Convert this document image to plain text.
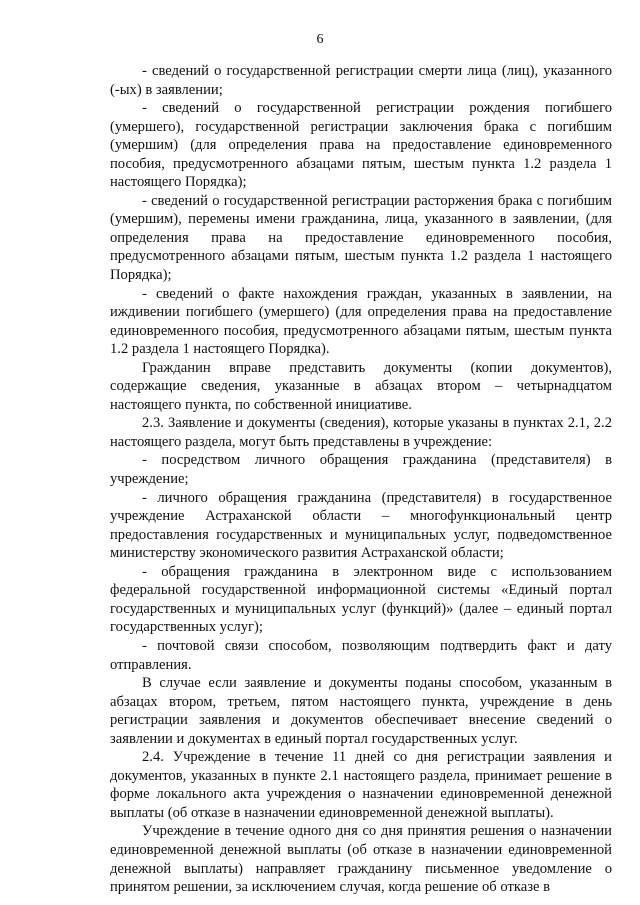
6

- сведений о государственной регистрации смерти лица (лиц), указанного (-ых) в заявлении;

- сведений о государственной регистрации рождения погибшего (умершего), государственной регистрации заключения брака с погибшим (умершим) (для определения права на предоставление единовременного пособия, предусмотренного абзацами пятым, шестым пункта 1.2 раздела 1 настоящего Порядка);

- сведений о государственной регистрации расторжения брака с погибшим (умершим), перемены имени гражданина, лица, указанного в заявлении, (для определения права на предоставление единовременного пособия, предусмотренного абзацами пятым, шестым пункта 1.2 раздела 1 настоящего Порядка);

- сведений о факте нахождения граждан, указанных в заявлении, на иждивении погибшего (умершего) (для определения права на предоставление единовременного пособия, предусмотренного абзацами пятым, шестым пункта 1.2 раздела 1 настоящего Порядка).

Гражданин вправе представить документы (копии документов), содержащие сведения, указанные в абзацах втором – четырнадцатом настоящего пункта, по собственной инициативе.

2.3. Заявление и документы (сведения), которые указаны в пунктах 2.1, 2.2 настоящего раздела, могут быть представлены в учреждение:

- посредством личного обращения гражданина (представителя) в учреждение;

- личного обращения гражданина (представителя) в государственное учреждение Астраханской области – многофункциональный центр предоставления государственных и муниципальных услуг, подведомственное министерству экономического развития Астраханской области;

- обращения гражданина в электронном виде с использованием федеральной государственной информационной системы «Единый портал государственных и муниципальных услуг (функций)» (далее – единый портал государственных услуг);

- почтовой связи способом, позволяющим подтвердить факт и дату отправления.

В случае если заявление и документы поданы способом, указанным в абзацах втором, третьем, пятом настоящего пункта, учреждение в день регистрации заявления и документов обеспечивает внесение сведений о заявлении и документах в единый портал государственных услуг.

2.4. Учреждение в течение 11 дней со дня регистрации заявления и документов, указанных в пункте 2.1 настоящего раздела, принимает решение в форме локального акта учреждения о назначении единовременной денежной выплаты (об отказе в назначении единовременной денежной выплаты).

Учреждение в течение одного дня со дня принятия решения о назначении единовременной денежной выплаты (об отказе в назначении единовременной денежной выплаты) направляет гражданину письменное уведомление о принятом решении, за исключением случая, когда решение об отказе в
